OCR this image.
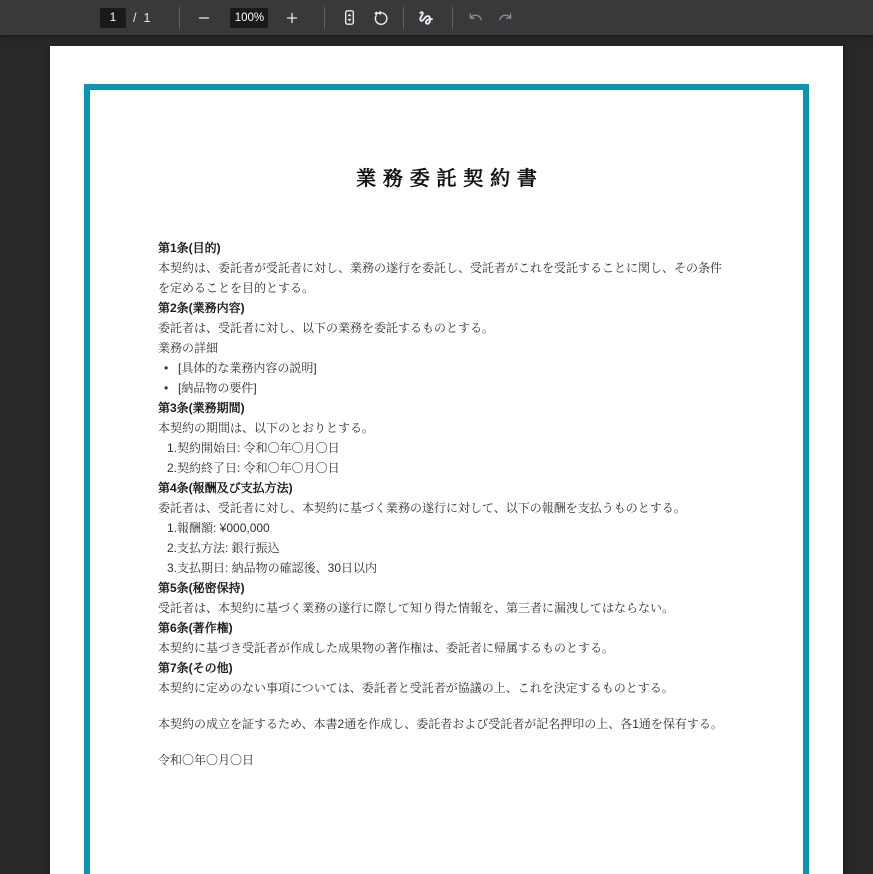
1
/ 1	100%
業務委託契約書

第1条(目的)

本契約は、委託者が受託者に対し、業務の遂行を委託し、受託者がこれを受託することに関し、その条件を定めることを目的とする。

第2条(業務内容)

委託者は、受託者に対し、以下の業務を委託するものとする。

業務の詳細

• [具体的な業務内容の説明]
• [納品物の要件]

第3条(業務期間)

本契約の期間は、以下のとおりとする。

1.契約開始日: 令和〇年〇月〇日
2.契約終了日: 令和〇年〇月〇日

第4条(報酬及び支払方法)

委託者は、受託者に対し、本契約に基づく業務の遂行に対して、以下の報酬を支払うものとする。

1.報酬額: ¥000,000
2.支払方法: 銀行振込
3.支払期日: 納品物の確認後、30日以内

第5条(秘密保持)

受託者は、本契約に基づく業務の遂行に際して知り得た情報を、第三者に漏洩してはならない。

第6条(著作権)

本契約に基づき受託者が作成した成果物の著作権は、委託者に帰属するものとする。

第7条(その他)

本契約に定めのない事項については、委託者と受託者が協議の上、これを決定するものとする。

本契約の成立を証するため、本書2通を作成し、委託者および受託者が記名押印の上、各1通を保有する。

令和〇年〇月〇日
